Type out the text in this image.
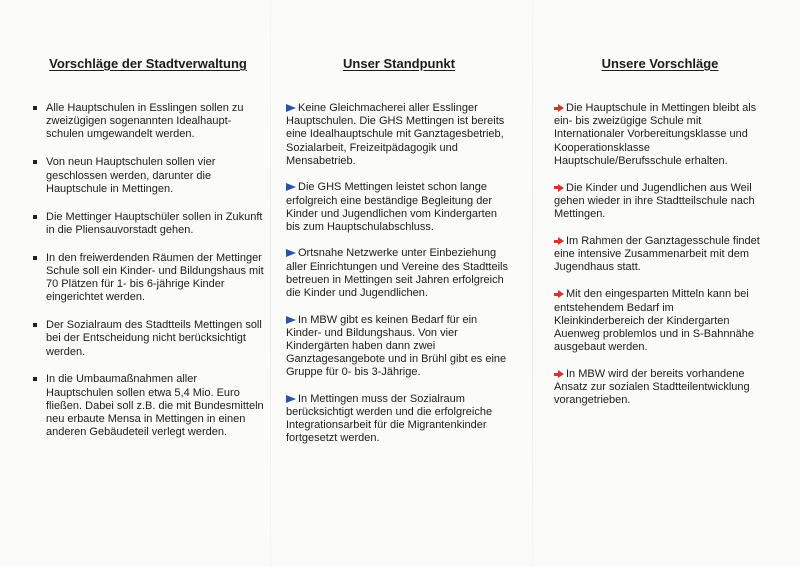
Vorschläge der Stadtverwaltung
Alle Hauptschulen in Esslingen sollen zu zweizügigen sogenannten Idealhaupt-schulen umgewandelt werden.
Von neun Hauptschulen sollen vier geschlossen werden, darunter die Hauptschule in Mettingen.
Die Mettinger Hauptschüler sollen in Zukunft in die Pliensauvorstadt gehen.
In den freiwerdenden Räumen der Mettinger Schule soll ein Kinder- und Bildungshaus mit 70 Plätzen für 1- bis 6-jährige Kinder eingerichtet werden.
Der Sozialraum des Stadtteils Mettingen soll bei der Entscheidung nicht berücksichtigt werden.
In die Umbaumaßnahmen aller Hauptschulen sollen etwa 5,4 Mio. Euro fließen. Dabei soll z.B. die mit Bundesmitteln neu erbaute Mensa in Mettingen in einen anderen Gebäudeteil verlegt werden.
Unser Standpunkt

Keine Gleichmacherei aller Esslinger Hauptschulen. Die GHS Mettingen ist bereits eine Idealhauptschule mit Ganztagesbetrieb, Sozialarbeit, Freizeitpädagogik und Mensabetrieb.

Die GHS Mettingen leistet schon lange erfolgreich eine beständige Begleitung der Kinder und Jugendlichen vom Kindergarten bis zum Hauptschulabschluss.

Ortsnahe Netzwerke unter Einbeziehung aller Einrichtungen und Vereine des Stadtteils betreuen in Mettingen seit Jahren erfolgreich die Kinder und Jugendlichen.

In MBW gibt es keinen Bedarf für ein Kinder- und Bildungshaus. Von vier Kindergärten haben dann zwei Ganztagesangebote und in Brühl gibt es eine Gruppe für 0- bis 3-Jährige.

In Mettingen muss der Sozialraum berücksichtigt werden und die erfolgreiche Integrationsarbeit für die Migrantenkinder fortgesetzt werden.

Unsere Vorschläge

Die Hauptschule in Mettingen bleibt als ein- bis zweizügige Schule mit Internationaler Vorbereitungsklasse und Kooperationsklasse Hauptschule/Berufsschule erhalten.

Die Kinder und Jugendlichen aus Weil gehen wieder in ihre Stadtteilschule nach Mettingen.

Im Rahmen der Ganztagesschule findet eine intensive Zusammenarbeit mit dem Jugendhaus statt.

Mit den eingesparten Mitteln kann bei entstehendem Bedarf im Kleinkinderbereich der Kindergarten Auenweg problemlos und in S-Bahnnähe ausgebaut werden.

In MBW wird der bereits vorhandene Ansatz zur sozialen Stadtteilentwicklung vorangetrieben.
